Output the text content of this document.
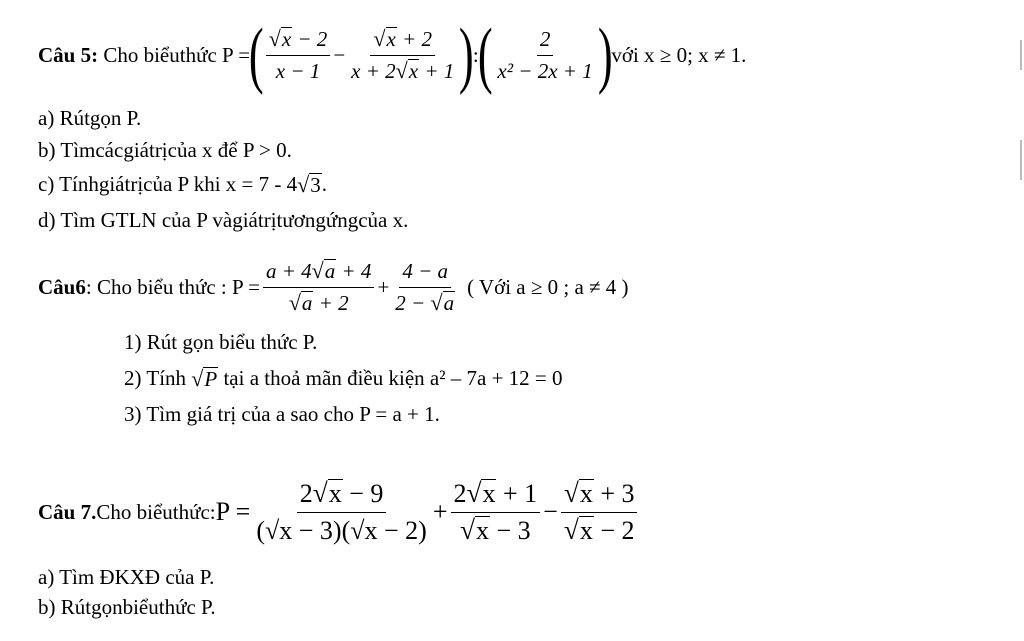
Câu 5:
Cho biểuthức P =
( $\frac{√ x - 2}{x - 1} - \frac{√ x + 2}{x + 2 √ x + 1}$ )
:
( $\frac{2}{\text{x² − 2x + 1}}$ )
với x ≥ 0; x ≠ 1.
a) Rútgọn P.
b) Tìmcácgiátrịcủa x để P > 0.
c) Tínhgiátrịcủa P khi x = 7 - 4 √ 3 .
d) Tìm GTLN của P vàgiátrịtươngứngcủa x.
Câu6 : Cho biểu thức : $P = \frac{a + 4 √ a + 4}{√ a + 2} + \frac{4 - a}{2 - √ a}$ ( Với a ≥ 0 ; a ≠ 4 )
1) Rút gọn biểu thức P.
2) Tính
√ P
tại a thoả mãn điều kiện a² – 7a + 12 = 0
3) Tìm giá trị của a sao cho P = a + 1.
Câu 7. Cho biểuthức: $P = \frac{2 √ x - 9}{(√x - 3)(√x - 2)} + \frac{2 √ x + 1}{√ x - 3} - \frac{√ x + 3}{√ x - 2}$
a) Tìm ĐKXĐ của P.
b) Rútgọnbiểuthức P.
